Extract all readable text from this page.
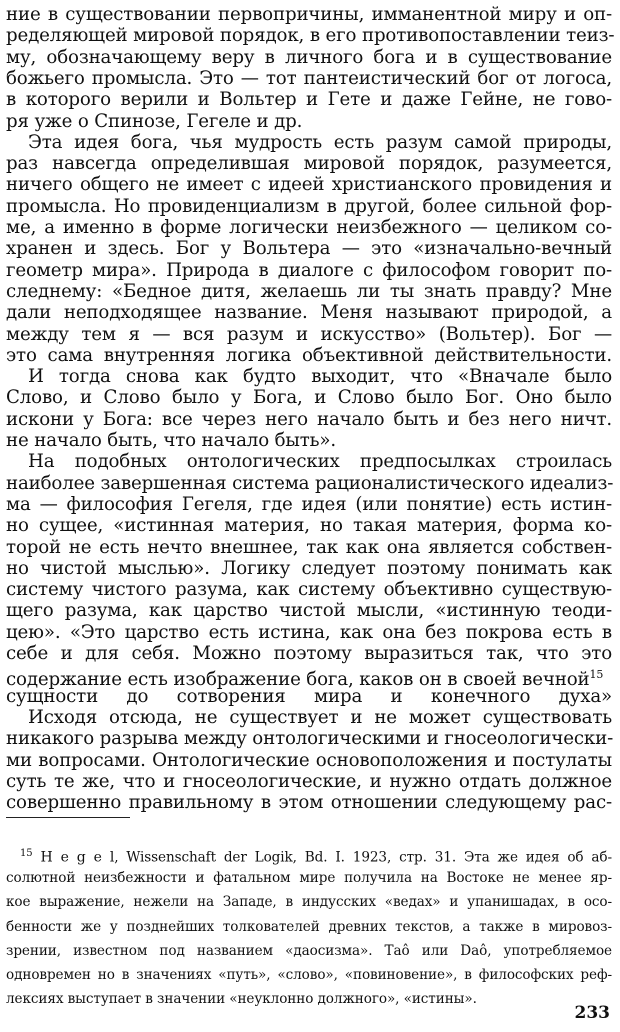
ние в существовании первопричины, имманентной миру и оп-
ределяющей мировой порядок, в его противопоставлении теиз-
му, обозначающему веру в личного бога и в существование
божьего промысла. Это — тот пантеистический бог от логоса,
в которого верили и Вольтер и Гете и даже Гейне, не гово-
ря уже о Спинозе, Гегеле и др.
Эта идея бога, чья мудрость есть разум самой природы,
раз навсегда определившая мировой порядок, разумеется,
ничего общего не имеет с идеей христианского провидения и
промысла. Но провиденциализм в другой, более сильной фор-
ме, а именно в форме логически неизбежного — целиком со-
хранен и здесь. Бог у Вольтера — это «изначально-вечный
геометр мира». Природа в диалоге с философом говорит по-
следнему: «Бедное дитя, желаешь ли ты знать правду? Мне
дали неподходящее название. Меня называют природой, а
между тем я — вся разум и искусство» (Вольтер). Бог —
это сама внутренняя логика объективной действительности.
И тогда снова как будто выходит, что «Вначале было
Слово, и Слово было у Бога, и Слово было Бог. Оно было
искони у Бога: все через него начало быть и без него ничт.
не начало быть, что начало быть».
На подобных онтологических предпосылках строилась
наиболее завершенная система рационалистического идеализ-
ма — философия Гегеля, где идея (или понятие) есть истин-
но сущее, «истинная материя, но такая материя, форма ко-
торой не есть нечто внешнее, так как она является собствен-
но чистой мыслью». Логику следует поэтому понимать как
систему чистого разума, как систему объективно существую-
щего разума, как царство чистой мысли, «истинную теоди-
цею». «Это царство есть истина, как она без покрова есть в
себе и для себя. Можно поэтому выразиться так, что это
содержание есть изображение бога, каков он в своей вечной$^{15}$
сущности до сотворения мира и конечного духа»
Исходя отсюда, не существует и не может существовать
никакого разрыва между онтологическими и гносеологически-
ми вопросами. Онтологические основоположения и постулаты
суть те же, что и гносеологические, и нужно отдать должное
совершенно правильному в этом отношении следующему рас-
$^{15}$ H e g e l, Wissenschaft der Logik, Bd. I. 1923, стр. 31. Эта же идея об аб-
солютной неизбежности и фатальном мире получила на Востоке не менее яр-
кое выражение, нежели на Западе, в индусских «ведах» и упанишадах, в осо-
бенности же у позднейших толкователей древних текстов, а также в мировоз-
зрении, известном под названием «даосизма». Tаô или Daô, употребляемое
одновремен но в значениях «путь», «слово», «повиновение», в философских реф-
лексиях выступает в значении «неуклонно должного», «истины».
233
